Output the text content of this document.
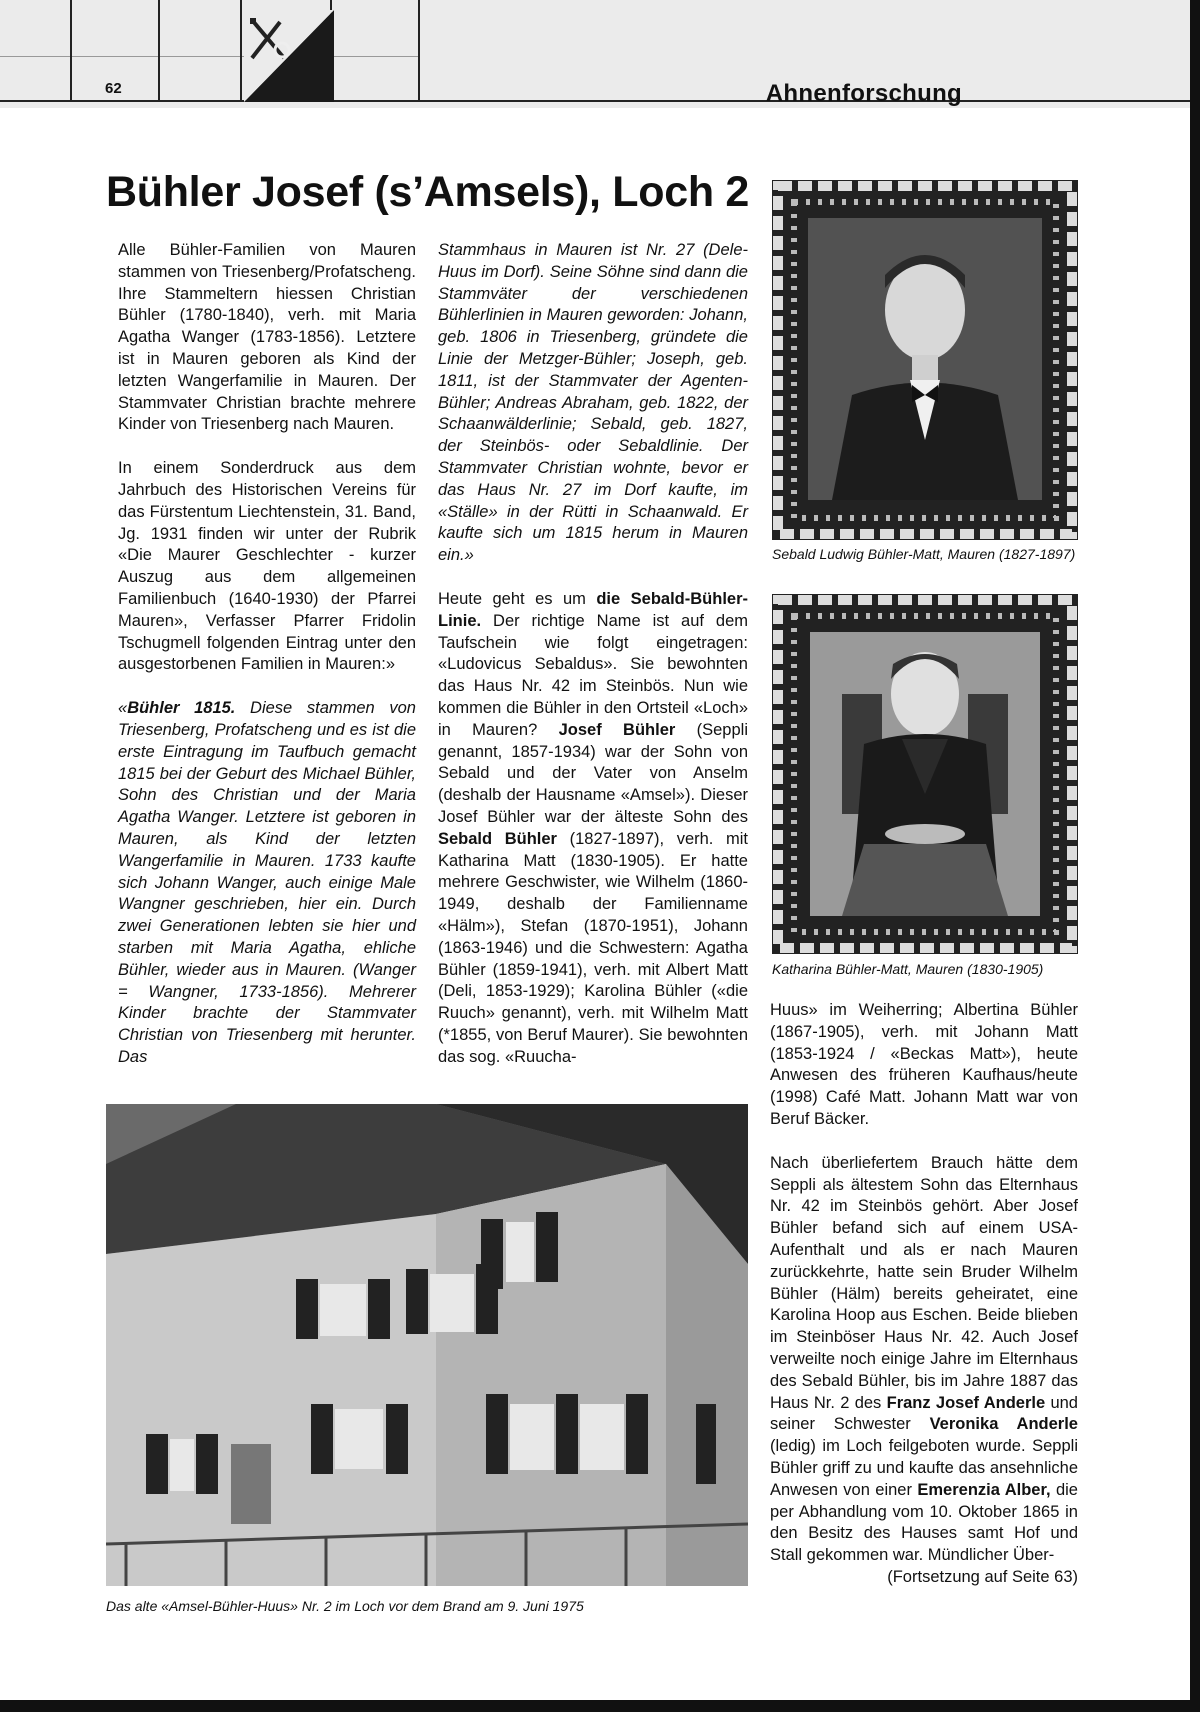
62	Ahnenforschung
Bühler Josef (s’Amsels), Loch 2

Alle Bühler-Familien von Mauren stammen von Triesenberg/Profatscheng. Ihre Stammeltern hiessen Christian Bühler (1780-1840), verh. mit Maria Agatha Wanger (1783-1856). Letztere ist in Mauren geboren als Kind der letzten Wangerfamilie in Mauren. Der Stammvater Christian brachte mehrere Kinder von Triesenberg nach Mauren.

In einem Sonderdruck aus dem Jahrbuch des Historischen Vereins für das Fürstentum Liechtenstein, 31. Band, Jg. 1931 finden wir unter der Rubrik «Die Maurer Geschlechter - kurzer Auszug aus dem allgemeinen Familienbuch (1640-1930) der Pfarrei Mauren», Verfasser Pfarrer Fridolin Tschugmell folgenden Eintrag unter den ausgestorbenen Familien in Mauren:»

«Bühler 1815. Diese stammen von Triesenberg, Profatscheng und es ist die erste Eintragung im Taufbuch gemacht 1815 bei der Geburt des Michael Bühler, Sohn des Christian und der Maria Agatha Wanger. Letztere ist geboren in Mauren, als Kind der letzten Wangerfamilie in Mauren. 1733 kaufte sich Johann Wanger, auch einige Male Wangner geschrieben, hier ein. Durch zwei Generationen lebten sie hier und starben mit Maria Agatha, ehliche Bühler, wieder aus in Mauren. (Wanger = Wangner, 1733-1856). Mehrerer Kinder brachte der Stammvater Christian von Triesenberg mit herunter. Das

Stammhaus in Mauren ist Nr. 27 (Dele-Huus im Dorf). Seine Söhne sind dann die Stammväter der verschiedenen Bühlerlinien in Mauren geworden: Johann, geb. 1806 in Triesenberg, gründete die Linie der Metzger-Bühler; Joseph, geb. 1811, ist der Stammvater der Agenten-Bühler; Andreas Abraham, geb. 1822, der Schaanwälderlinie; Sebald, geb. 1827, der Steinbös- oder Sebaldlinie. Der Stammvater Christian wohnte, bevor er das Haus Nr. 27 im Dorf kaufte, im «Ställe» in der Rütti in Schaanwald. Er kaufte sich um 1815 herum in Mauren ein.»

Heute geht es um die Sebald-Bühler-Linie. Der richtige Name ist auf dem Taufschein wie folgt eingetragen: «Ludovicus Sebaldus». Sie bewohnten das Haus Nr. 42 im Steinbös. Nun wie kommen die Bühler in den Ortsteil «Loch» in Mauren? Josef Bühler (Seppli genannt, 1857-1934) war der Sohn von Sebald und der Vater von Anselm (deshalb der Hausname «Amsel»). Dieser Josef Bühler war der älteste Sohn des Sebald Bühler (1827-1897), verh. mit Katharina Matt (1830-1905). Er hatte mehrere Geschwister, wie Wilhelm (1860-1949, deshalb der Familienname «Hälm»), Stefan (1870-1951), Johann (1863-1946) und die Schwestern: Agatha Bühler (1859-1941), verh. mit Albert Matt (Deli, 1853-1929); Karolina Bühler («die Ruuch» genannt), verh. mit Wilhelm Matt (*1855, von Beruf Maurer). Sie bewohnten das sog. «Ruucha-

Sebald Ludwig Bühler-Matt, Mauren (1827-1897)
Katharina Bühler-Matt, Mauren (1830-1905)

Huus» im Weiherring; Albertina Bühler (1867-1905), verh. mit Johann Matt (1853-1924 / «Beckas Matt»), heute Anwesen des früheren Kaufhaus/heute (1998) Café Matt. Johann Matt war von Beruf Bäcker.

Nach überliefertem Brauch hätte dem Seppli als ältestem Sohn das Elternhaus Nr. 42 im Steinbös gehört. Aber Josef Bühler befand sich auf einem USA-Aufenthalt und als er nach Mauren zurückkehrte, hatte sein Bruder Wilhelm Bühler (Hälm) bereits geheiratet, eine Karolina Hoop aus Eschen. Beide blieben im Steinböser Haus Nr. 42. Auch Josef verweilte noch einige Jahre im Elternhaus des Sebald Bühler, bis im Jahre 1887 das Haus Nr. 2 des Franz Josef Anderle und seiner Schwester Veronika Anderle (ledig) im Loch feilgeboten wurde. Seppli Bühler griff zu und kaufte das ansehnliche Anwesen von einer Emerenzia Alber, die per Abhandlung vom 10. Oktober 1865 in den Besitz des Hauses samt Hof und Stall gekommen war. Mündlicher Über-

(Fortsetzung auf Seite 63)

Das alte «Amsel-Bühler-Huus» Nr. 2 im Loch vor dem Brand am 9. Juni 1975
